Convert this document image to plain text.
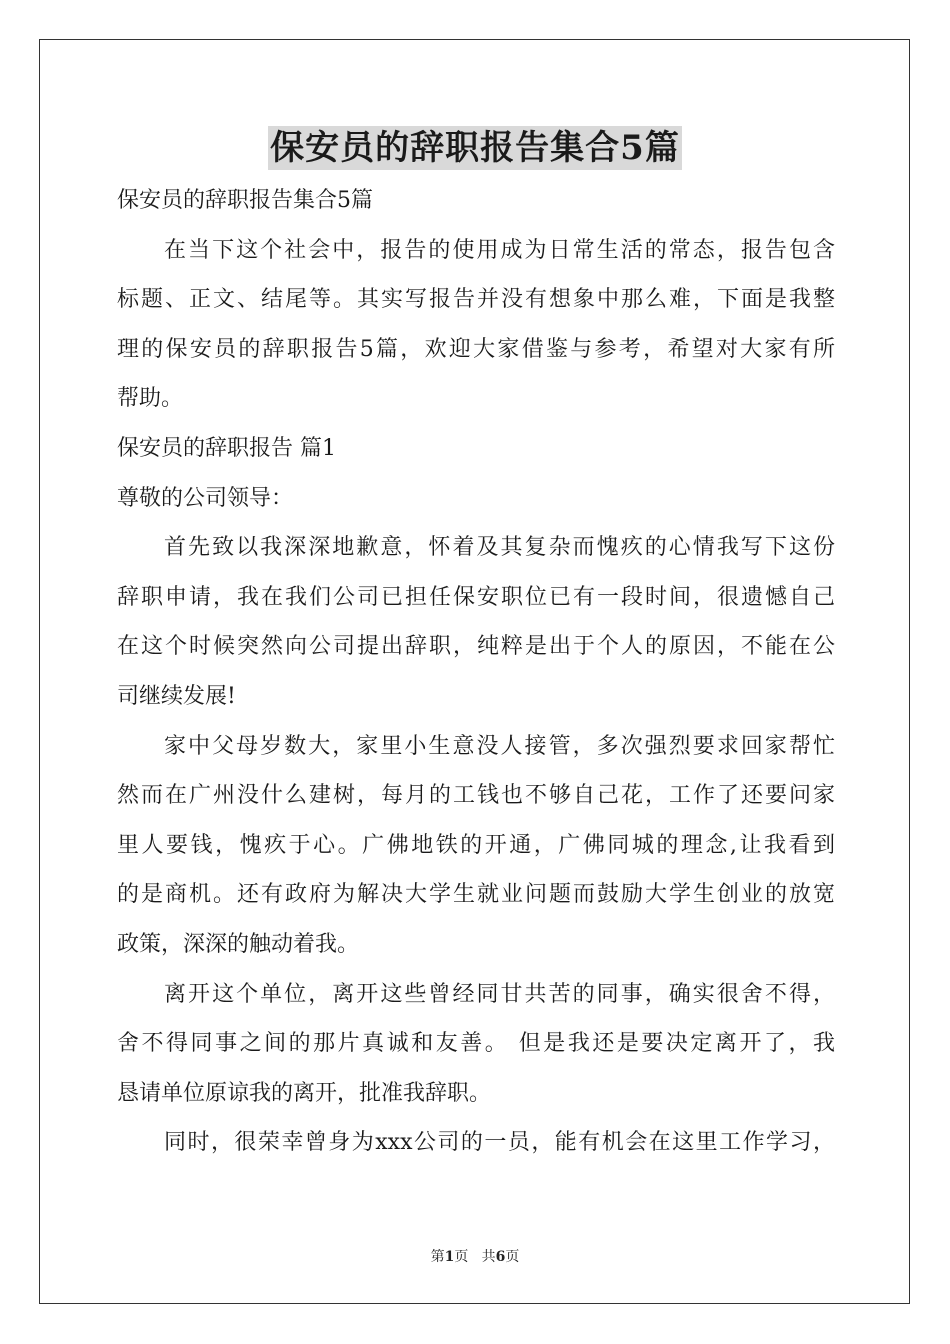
保安员的辞职报告集合5篇

保安员的辞职报告集合5篇

在当下这个社会中，报告的使用成为日常生活的常态，报告包含

标题、正文、结尾等。其实写报告并没有想象中那么难，下面是我整

理的保安员的辞职报告5篇，欢迎大家借鉴与参考，希望对大家有所

帮助。

保安员的辞职报告 篇1

尊敬的公司领导：

首先致以我深深地歉意，怀着及其复杂而愧疚的心情我写下这份

辞职申请，我在我们公司已担任保安职位已有一段时间，很遗憾自己

在这个时候突然向公司提出辞职，纯粹是出于个人的原因，不能在公

司继续发展!

家中父母岁数大，家里小生意没人接管，多次强烈要求回家帮忙

然而在广州没什么建树，每月的工钱也不够自己花，工作了还要问家

里人要钱，愧疚于心。广佛地铁的开通，广佛同城的理念,让我看到

的是商机。还有政府为解决大学生就业问题而鼓励大学生创业的放宽

政策，深深的触动着我。

离开这个单位，离开这些曾经同甘共苦的同事，确实很舍不得，

舍不得同事之间的那片真诚和友善。 但是我还是要决定离开了，我

恳请单位原谅我的离开，批准我辞职。

同时，很荣幸曾身为xxx公司的一员，能有机会在这里工作学习，

第1页 共6页
